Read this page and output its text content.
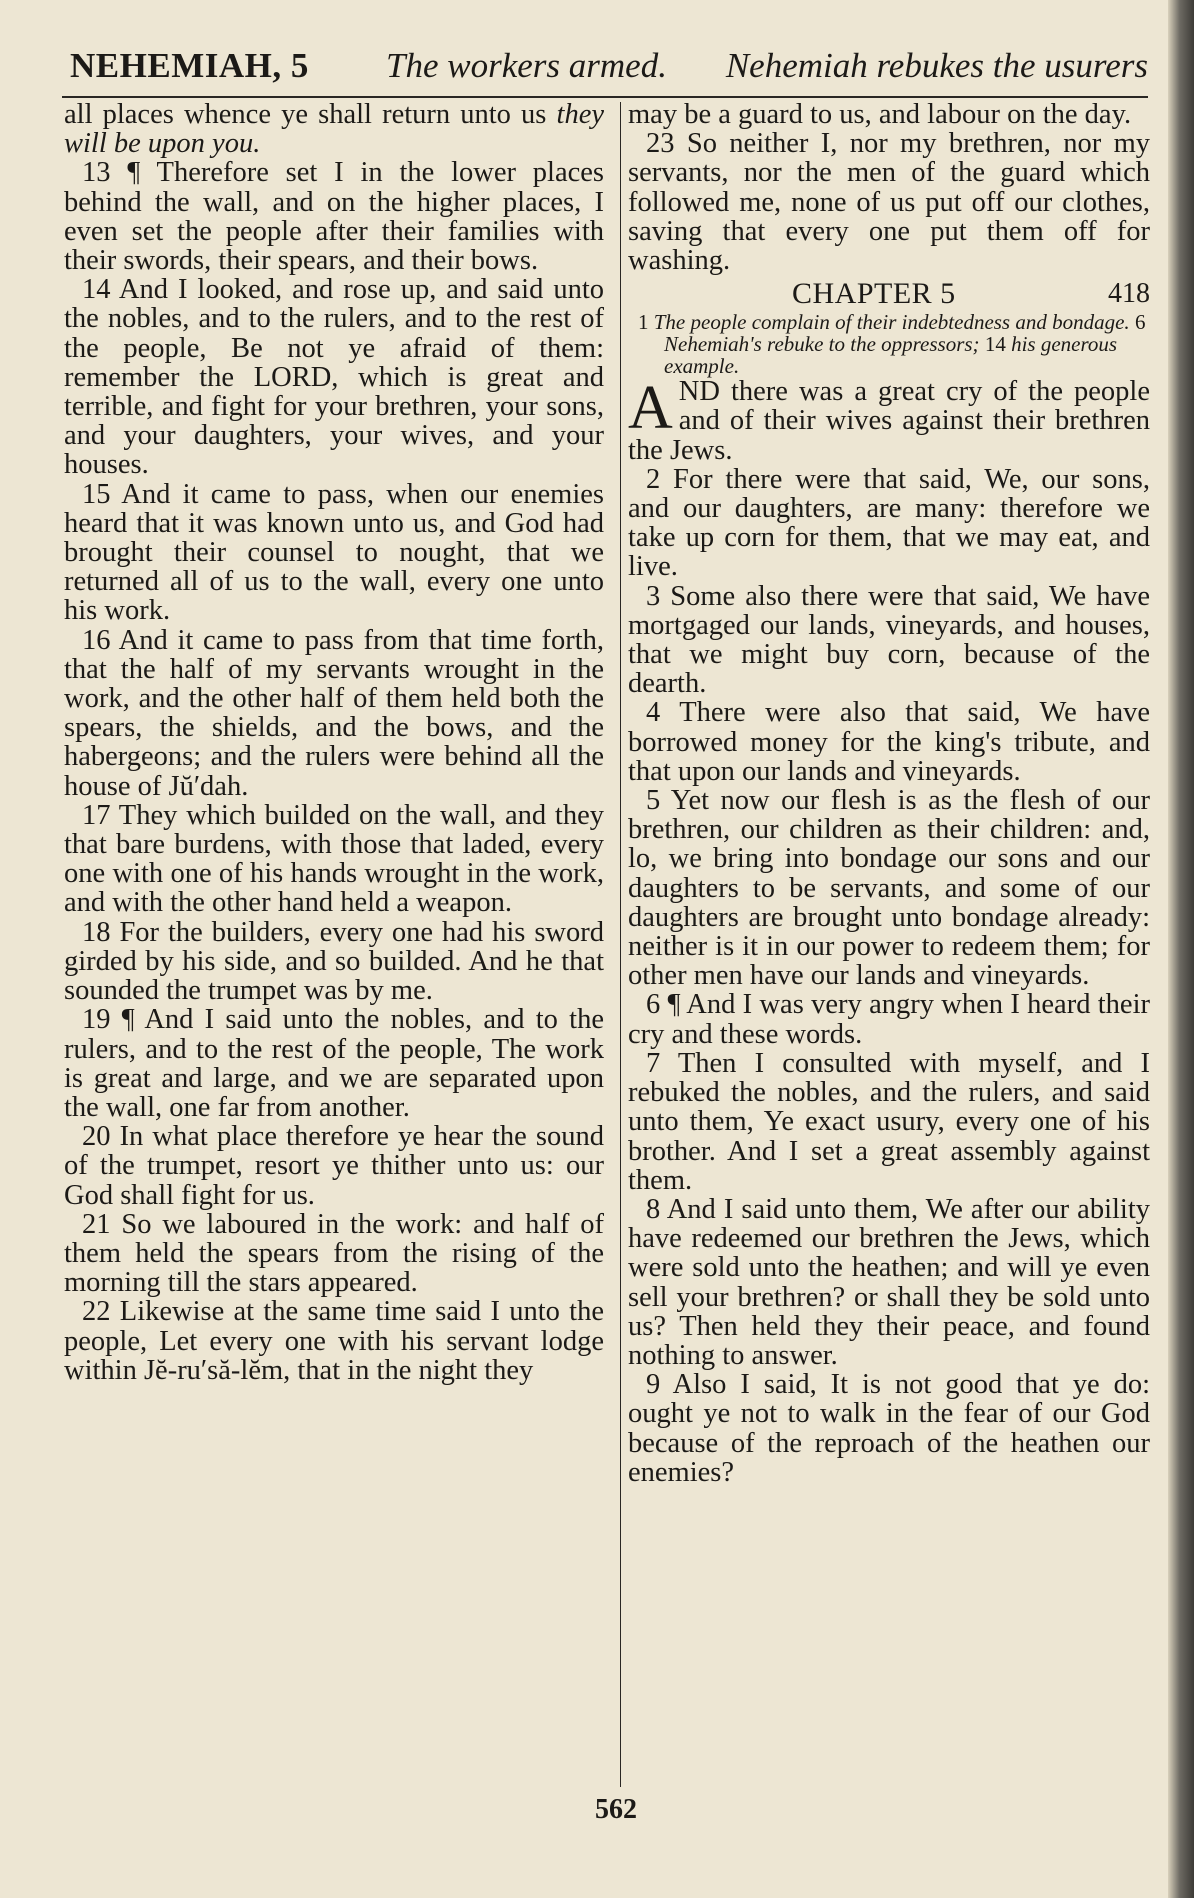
NEHEMIAH, 5 The workers armed. Nehemiah rebukes the usurers

all places whence ye shall return unto us they will be upon you.

13 ¶ Therefore set I in the lower places behind the wall, and on the higher places, I even set the people after their families with their swords, their spears, and their bows.

14 And I looked, and rose up, and said unto the nobles, and to the rulers, and to the rest of the people, Be not ye afraid of them: remember the LORD, which is great and terrible, and fight for your brethren, your sons, and your daughters, your wives, and your houses.

15 And it came to pass, when our enemies heard that it was known unto us, and God had brought their counsel to nought, that we returned all of us to the wall, every one unto his work.

16 And it came to pass from that time forth, that the half of my servants wrought in the work, and the other half of them held both the spears, the shields, and the bows, and the habergeons; and the rulers were behind all the house of Jŭ′dah.

17 They which builded on the wall, and they that bare burdens, with those that laded, every one with one of his hands wrought in the work, and with the other hand held a weapon.

18 For the builders, every one had his sword girded by his side, and so builded. And he that sounded the trumpet was by me.

19 ¶ And I said unto the nobles, and to the rulers, and to the rest of the people, The work is great and large, and we are separated upon the wall, one far from another.

20 In what place therefore ye hear the sound of the trumpet, resort ye thither unto us: our God shall fight for us.

21 So we laboured in the work: and half of them held the spears from the rising of the morning till the stars appeared.

22 Likewise at the same time said I unto the people, Let every one with his servant lodge within Jĕ-ru′să-lĕm, that in the night they

may be a guard to us, and labour on the day.

23 So neither I, nor my brethren, nor my servants, nor the men of the guard which followed me, none of us put off our clothes, saving that every one put them off for washing.

CHAPTER 5	418

1 The people complain of their indebtedness and bondage. 6 Nehemiah's rebuke to the oppressors; 14 his generous example.

AND there was a great cry of the people and of their wives against their brethren the Jews.

2 For there were that said, We, our sons, and our daughters, are many: therefore we take up corn for them, that we may eat, and live.

3 Some also there were that said, We have mortgaged our lands, vineyards, and houses, that we might buy corn, because of the dearth.

4 There were also that said, We have borrowed money for the king's tribute, and that upon our lands and vineyards.

5 Yet now our flesh is as the flesh of our brethren, our children as their children: and, lo, we bring into bondage our sons and our daughters to be servants, and some of our daughters are brought unto bondage already: neither is it in our power to redeem them; for other men have our lands and vineyards.

6 ¶ And I was very angry when I heard their cry and these words.

7 Then I consulted with myself, and I rebuked the nobles, and the rulers, and said unto them, Ye exact usury, every one of his brother. And I set a great assembly against them.

8 And I said unto them, We after our ability have redeemed our brethren the Jews, which were sold unto the heathen; and will ye even sell your brethren? or shall they be sold unto us? Then held they their peace, and found nothing to answer.

9 Also I said, It is not good that ye do: ought ye not to walk in the fear of our God because of the reproach of the heathen our enemies?

562
